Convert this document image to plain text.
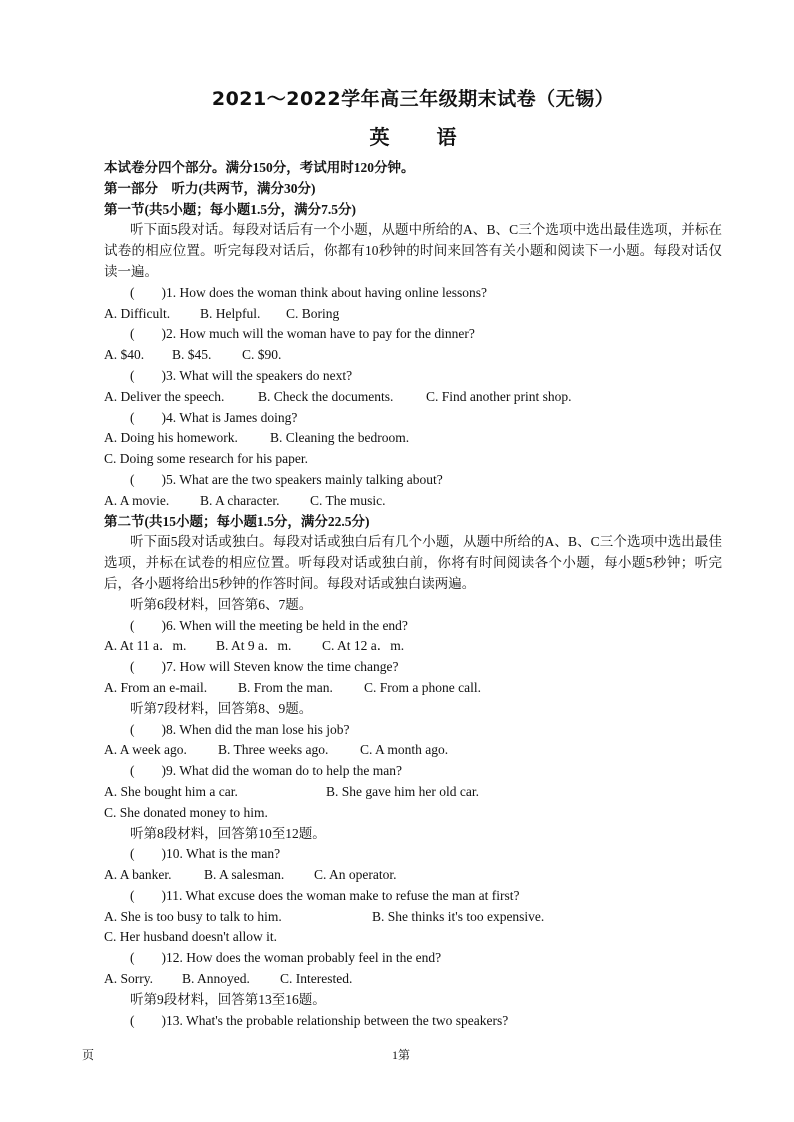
2021～2022学年高三年级期末试卷（无锡）
英 语

本试卷分四个部分。满分150分，考试用时120分钟。

第一部分　听力(共两节，满分30分)

第一节(共5小题；每小题1.5分，满分7.5分)

听下面5段对话。每段对话后有一个小题，从题中所给的A、B、C三个选项中选出最佳选项，并标在试卷的相应位置。听完每段对话后，你都有10秒钟的时间来回答有关小题和阅读下一小题。每段对话仅读一遍。

(　　)1. How does the woman think about having online lessons?

A. Difficult. B. Helpful. C. Boring

(　　)2. How much will the woman have to pay for the dinner?

A. $40. B. $45. C. $90.

(　　)3. What will the speakers do next?

A. Deliver the speech. B. Check the documents. C. Find another print shop.

(　　)4. What is James doing?

A. Doing his homework. B. Cleaning the bedroom.

C. Doing some research for his paper.

(　　)5. What are the two speakers mainly talking about?

A. A movie. B. A character. C. The music.

第二节(共15小题；每小题1.5分，满分22.5分)

听下面5段对话或独白。每段对话或独白后有几个小题，从题中所给的A、B、C三个选项中选出最佳选项，并标在试卷的相应位置。听每段对话或独白前，你将有时间阅读各个小题，每小题5秒钟；听完后，各小题将给出5秒钟的作答时间。每段对话或独白读两遍。

听第6段材料，回答第6、7题。

(　　)6. When will the meeting be held in the end?

A. At 11 a．m. B. At 9 a．m. C. At 12 a．m.

(　　)7. How will Steven know the time change?

A. From an e-mail. B. From the man. C. From a phone call.

听第7段材料，回答第8、9题。

(　　)8. When did the man lose his job?

A. A week ago. B. Three weeks ago. C. A month ago.

(　　)9. What did the woman do to help the man?

A. She bought him a car.	B. She gave him her old car.

C. She donated money to him.

听第8段材料，回答第10至12题。

(　　)10. What is the man?

A. A banker. B. A salesman. C. An operator.

(　　)11. What excuse does the woman make to refuse the man at first?

A. She is too busy to talk to him.	B. She thinks it's too expensive.

C. Her husband doesn't allow it.

(　　)12. How does the woman probably feel in the end?

A. Sorry. B. Annoyed. C. Interested.

听第9段材料，回答第13至16题。

(　　)13. What's the probable relationship between the two speakers?

页	1第
